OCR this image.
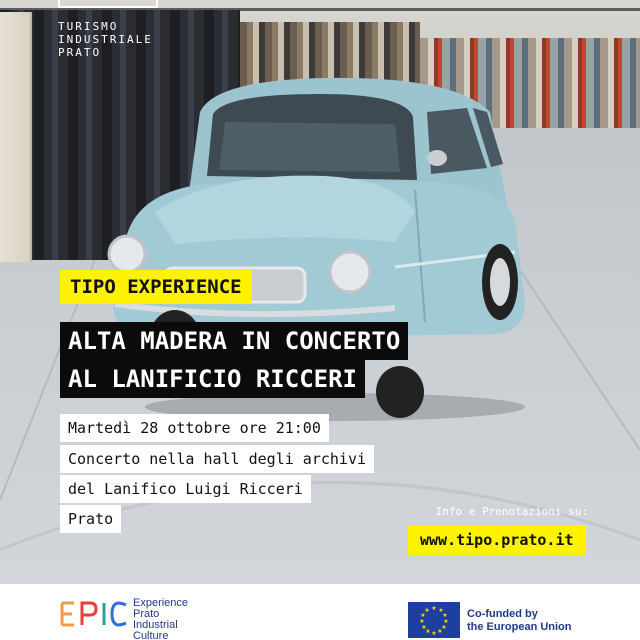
TURISMO
INDUSTRIALE
PRATO
TIPO EXPERIENCE
ALTA MADERA IN CONCERTO
AL LANIFICIO RICCERI
Martedì 28 ottobre ore 21:00
Concerto nella hall degli archivi
del Lanifico Luigi Ricceri
Prato	Info e Prenotazioni su:
www.tipo.prato.it
Experience
Prato
Industrial
Culture
★ ★
★
★
★
★
★
★
★
★
★
★	Co-funded by
the European Union
